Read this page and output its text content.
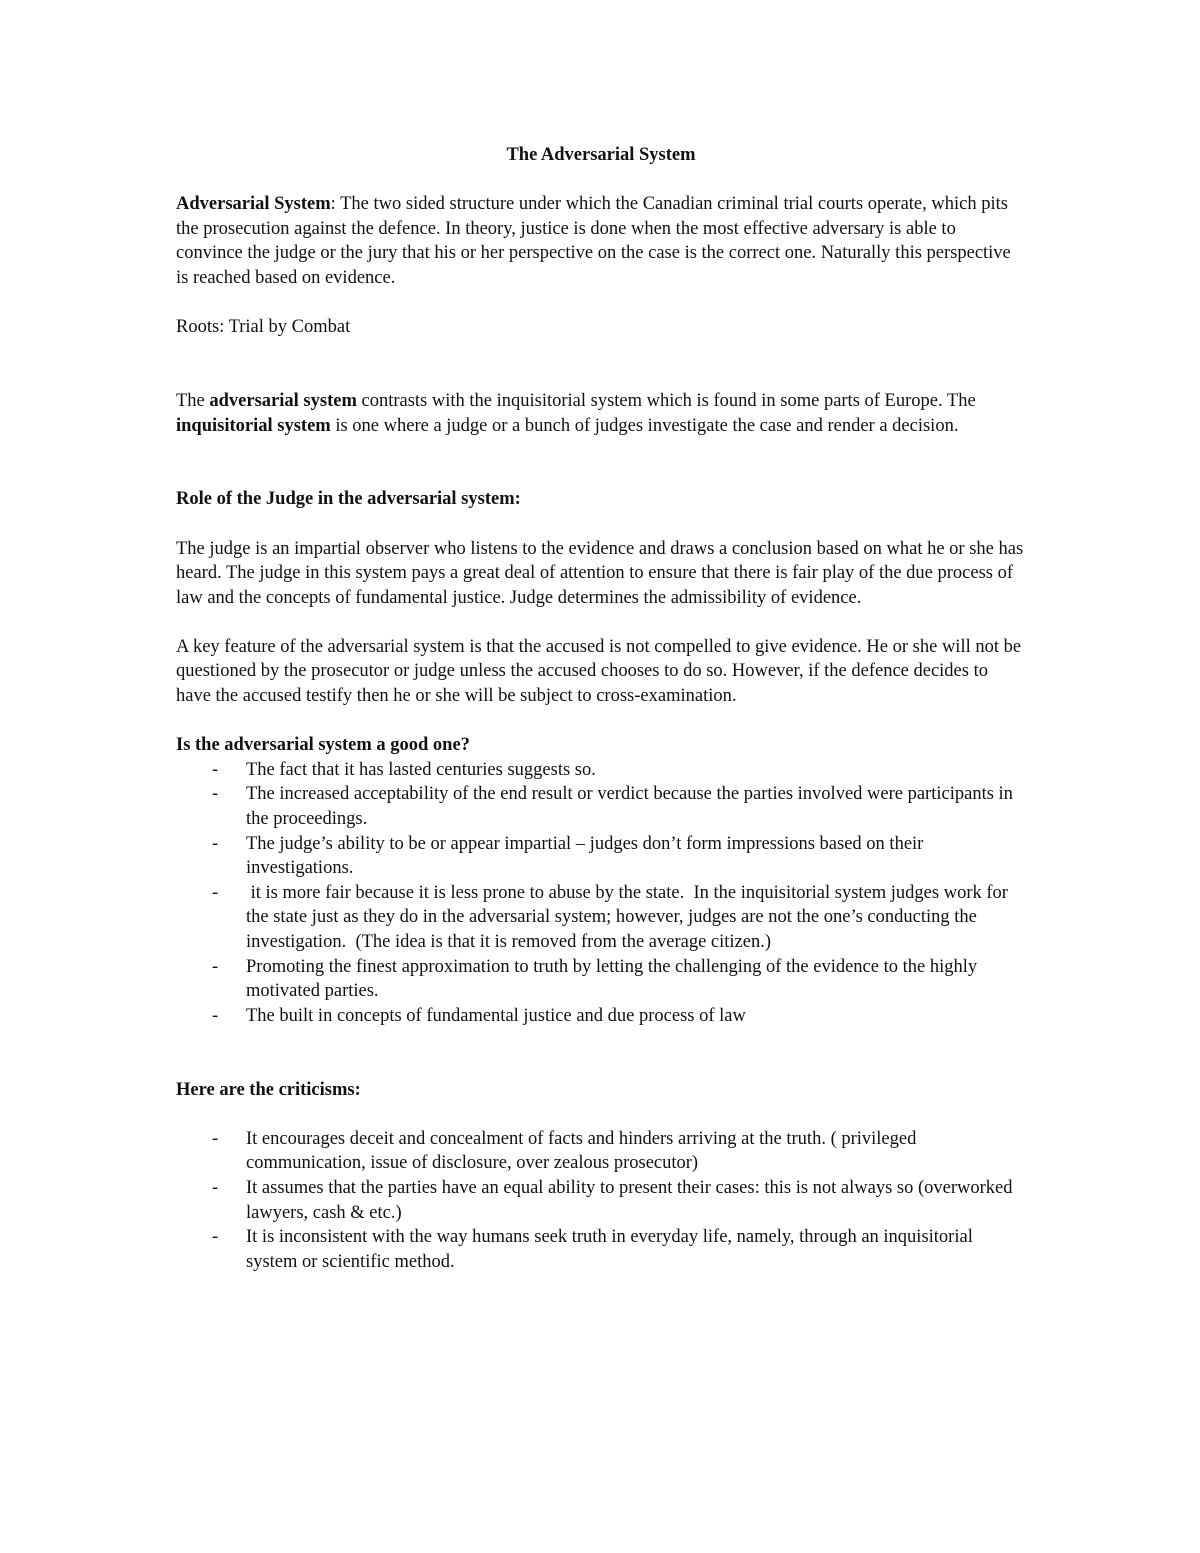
The Adversarial System

Adversarial System: The two sided structure under which the Canadian criminal trial courts operate, which pits the prosecution against the defence. In theory, justice is done when the most effective adversary is able to convince the judge or the jury that his or her perspective on the case is the correct one. Naturally this perspective is reached based on evidence.

Roots: Trial by Combat

The adversarial system contrasts with the inquisitorial system which is found in some parts of Europe. The inquisitorial system is one where a judge or a bunch of judges investigate the case and render a decision.

Role of the Judge in the adversarial system:

The judge is an impartial observer who listens to the evidence and draws a conclusion based on what he or she has heard. The judge in this system pays a great deal of attention to ensure that there is fair play of the due process of law and the concepts of fundamental justice. Judge determines the admissibility of evidence.

A key feature of the adversarial system is that the accused is not compelled to give evidence. He or she will not be questioned by the prosecutor or judge unless the accused chooses to do so. However, if the defence decides to have the accused testify then he or she will be subject to cross-examination.

Is the adversarial system a good one?

- The fact that it has lasted centuries suggests so.
- The increased acceptability of the end result or verdict because the parties involved were participants in the proceedings.
- The judge’s ability to be or appear impartial – judges don’t form impressions based on their investigations.
- it is more fair because it is less prone to abuse by the state.  In the inquisitorial system judges work for the state just as they do in the adversarial system; however, judges are not the one’s conducting the investigation.  (The idea is that it is removed from the average citizen.)
- Promoting the finest approximation to truth by letting the challenging of the evidence to the highly motivated parties.
- The built in concepts of fundamental justice and due process of law

Here are the criticisms:

- It encourages deceit and concealment of facts and hinders arriving at the truth. ( privileged communication, issue of disclosure, over zealous prosecutor)
- It assumes that the parties have an equal ability to present their cases: this is not always so (overworked lawyers, cash & etc.)
- It is inconsistent with the way humans seek truth in everyday life, namely, through an inquisitorial system or scientific method.
